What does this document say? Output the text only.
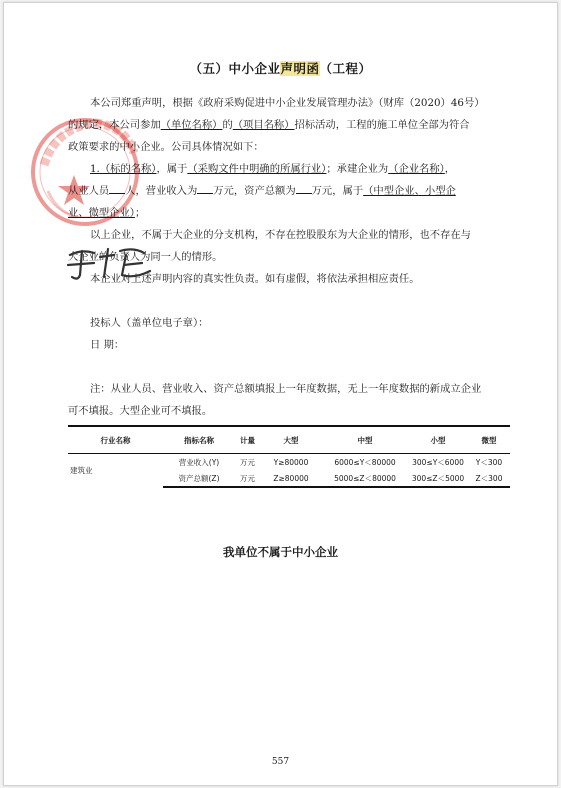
（五）中小企业声明函（工程）
本公司郑重声明，根据《政府采购促进中小企业发展管理办法》（财库（2020）46号）
的规定，本公司参加（单位名称）的（项目名称）招标活动，工程的施工单位全部为符合
政策要求的中小企业。公司具体情况如下：
1.（标的名称），属于（采购文件中明确的所属行业）；承建企业为（企业名称），
从业人员 人，营业收入为 万元，资产总额为 万元，属于（中型企业、小型企
业、微型企业）；
以上企业，不属于大企业的分支机构，不存在控股股东为大企业的情形，也不存在与
大企业的负责人为同一人的情形。
本企业对上述声明内容的真实性负责。如有虚假，将依法承担相应责任。
投标人（盖单位电子章）：
日 期：
注：从业人员、营业收入、资产总额填报上一年度数据，无上一年度数据的新成立企业
可不填报。大型企业可不填报。
行业名称	指标名称	计量	大型	中型	小型	微型
建筑业	营业收入(Y)	万元	Y≥80000	6000≤Y＜80000	300≤Y＜6000	Y＜300
	资产总额(Z)	万元	Z≥80000	5000≤Z＜80000	300≤Z＜5000	Z＜300
我单位不属于中小企业
557
